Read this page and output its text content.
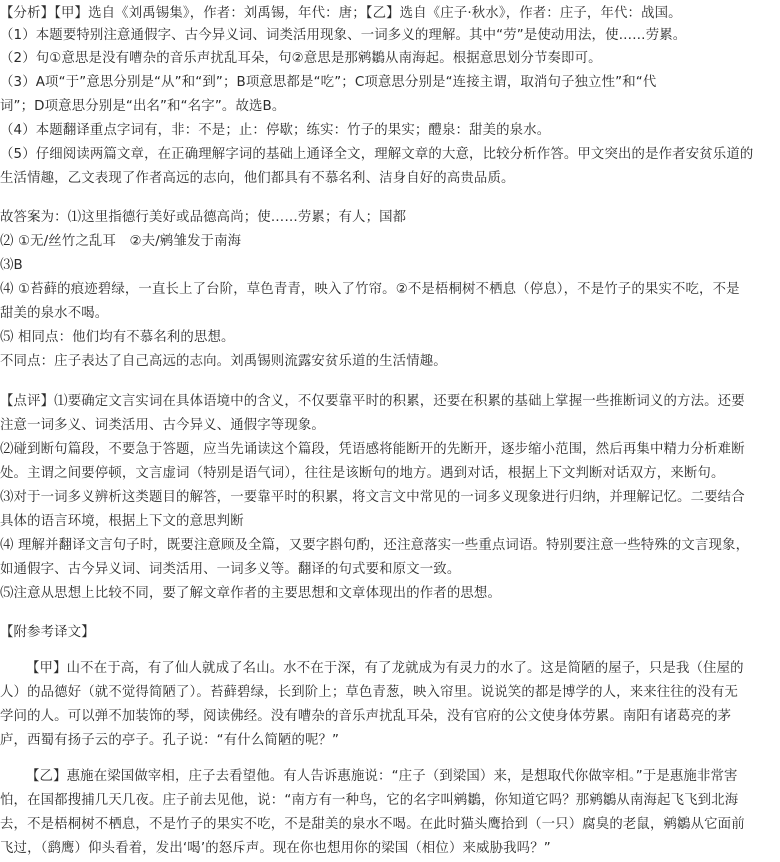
【分析】【甲】选自《刘禹锡集》，作者：刘禹锡，年代：唐；【乙】选自《庄子·秋水》，作者：庄子，年代：战国。
（1）本题要特别注意通假字、古今异义词、词类活用现象、一词多义的理解。其中“劳”是使动用法，使……劳累。
（2）句①意思是没有嘈杂的音乐声扰乱耳朵，句②意思是那鹓鶵从南海起。根据意思划分节奏即可。
（3）A项“于”意思分别是“从”和“到”；B项意思都是“吃”；C项意思分别是“连接主谓，取消句子独立性”和“代
词”；D项意思分别是“出名”和“名字”。故选B。
（4）本题翻译重点字词有，非：不是；止：停歇；练实：竹子的果实；醴泉：甜美的泉水。
（5）仔细阅读两篇文章，在正确理解字词的基础上通译全文，理解文章的大意，比较分析作答。甲文突出的是作者安贫乐道的
生活情趣，乙文表现了作者高远的志向，他们都具有不慕名利、洁身自好的高贵品质。
故答案为：⑴这里指德行美好或品德高尚；使……劳累；有人；国都
⑵ ①无/丝竹之乱耳　②夫/鹓雏发于南海
⑶B
⑷ ①苔藓的痕迹碧绿，一直长上了台阶，草色青青，映入了竹帘。②不是梧桐树不栖息（停息），不是竹子的果实不吃，不是
甜美的泉水不喝。
⑸ 相同点：他们均有不慕名利的思想。
不同点：庄子表达了自己高远的志向。刘禹锡则流露安贫乐道的生活情趣。
【点评】⑴要确定文言实词在具体语境中的含义，不仅要靠平时的积累，还要在积累的基础上掌握一些推断词义的方法。还要
注意一词多义、词类活用、古今异义、通假字等现象。
⑵碰到断句篇段，不要急于答题，应当先诵读这个篇段，凭语感将能断开的先断开，逐步缩小范围，然后再集中精力分析难断
处。主谓之间要停顿，文言虚词（特别是语气词），往往是该断句的地方。遇到对话，根据上下文判断对话双方，来断句。
⑶对于一词多义辨析这类题目的解答，一要靠平时的积累，将文言文中常见的一词多义现象进行归纳，并理解记忆。二要结合
具体的语言环境，根据上下文的意思判断
⑷ 理解并翻译文言句子时，既要注意顾及全篇，又要字斟句酌，还注意落实一些重点词语。特别要注意一些特殊的文言现象，
如通假字、古今异义词、词类活用、一词多义等。翻译的句式要和原文一致。
⑸注意从思想上比较不同，要了解文章作者的主要思想和文章体现出的作者的思想。
【附参考译文】
【甲】山不在于高，有了仙人就成了名山。水不在于深，有了龙就成为有灵力的水了。这是简陋的屋子，只是我（住屋的
人）的品德好（就不觉得简陋了）。苔藓碧绿，长到阶上；草色青葱，映入帘里。说说笑的都是博学的人，来来往往的没有无
学问的人。可以弹不加装饰的琴，阅读佛经。没有嘈杂的音乐声扰乱耳朵，没有官府的公文使身体劳累。南阳有诸葛亮的茅
庐，西蜀有扬子云的亭子。孔子说：“有什么简陋的呢？”
【乙】惠施在梁国做宰相，庄子去看望他。有人告诉惠施说：“庄子（到梁国）来，是想取代你做宰相。”于是惠施非常害
怕，在国都搜捕几天几夜。庄子前去见他，说：“南方有一种鸟，它的名字叫鹓鶵，你知道它吗？那鹓鶵从南海起飞飞到北海
去，不是梧桐树不栖息，不是竹子的果实不吃，不是甜美的泉水不喝。在此时猫头鹰拾到（一只）腐臭的老鼠，鹓鶵从它面前
飞过，（鹞鹰）仰头看着，发出‘喝’的怒斥声。现在你也想用你的梁国（相位）来威胁我吗？”
